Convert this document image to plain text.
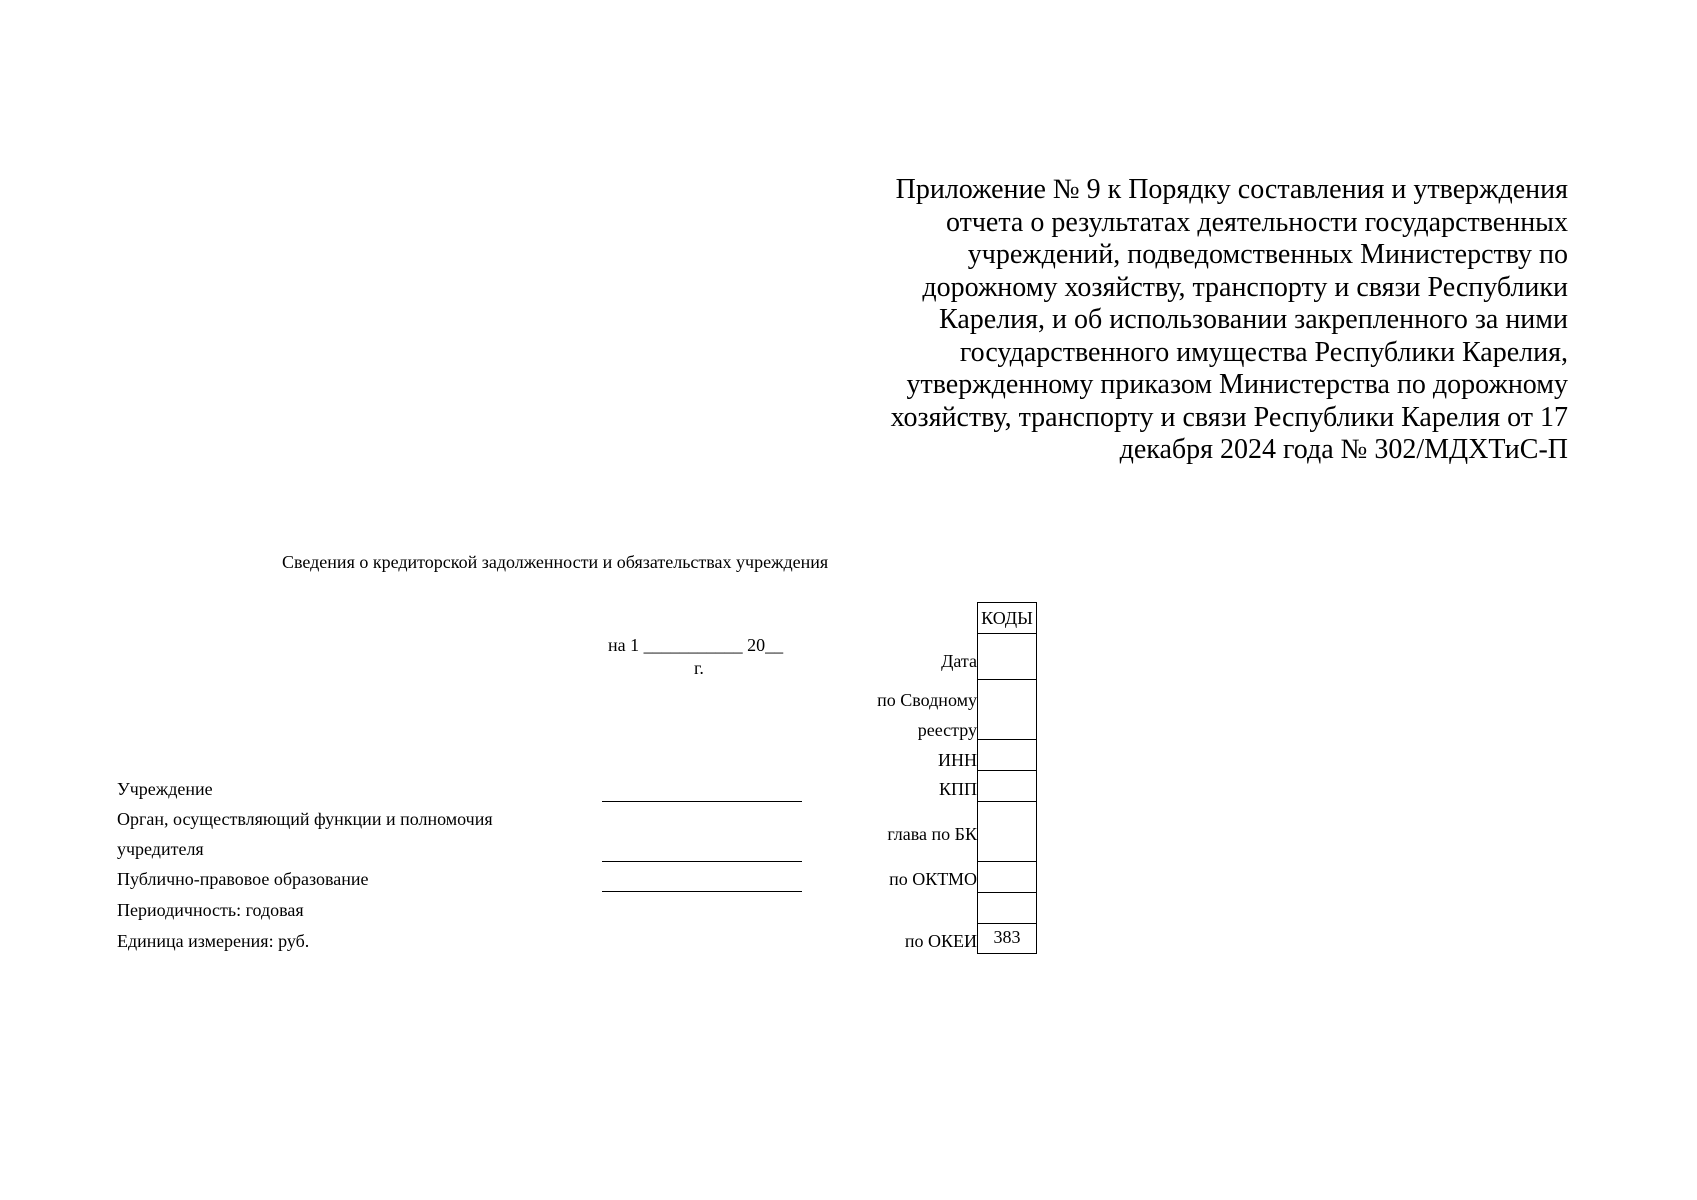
Приложение № 9 к Порядку составления и утверждения
отчета о результатах деятельности государственных
учреждений, подведомственных Министерству по
дорожному хозяйству, транспорту и связи Республики
Карелия, и об использовании закрепленного за ними
государственного имущества Республики Карелия,
утвержденному приказом Министерства по дорожному
хозяйству, транспорту и связи Республики Карелия от 17
декабря 2024 года № 302/МДХТиС-П
Сведения о кредиторской задолженности и обязательствах учреждения
на 1 ___________ 20__
г.
Учреждение
Орган, осуществляющий функции и полномочия
учредителя
Публично-правовое образование
Периодичность: годовая
Единица измерения: руб.
Дата
по Сводному
реестру
ИНН
КПП
глава по БК
по ОКТМО
по ОКЕИ
КОДЫ
383
